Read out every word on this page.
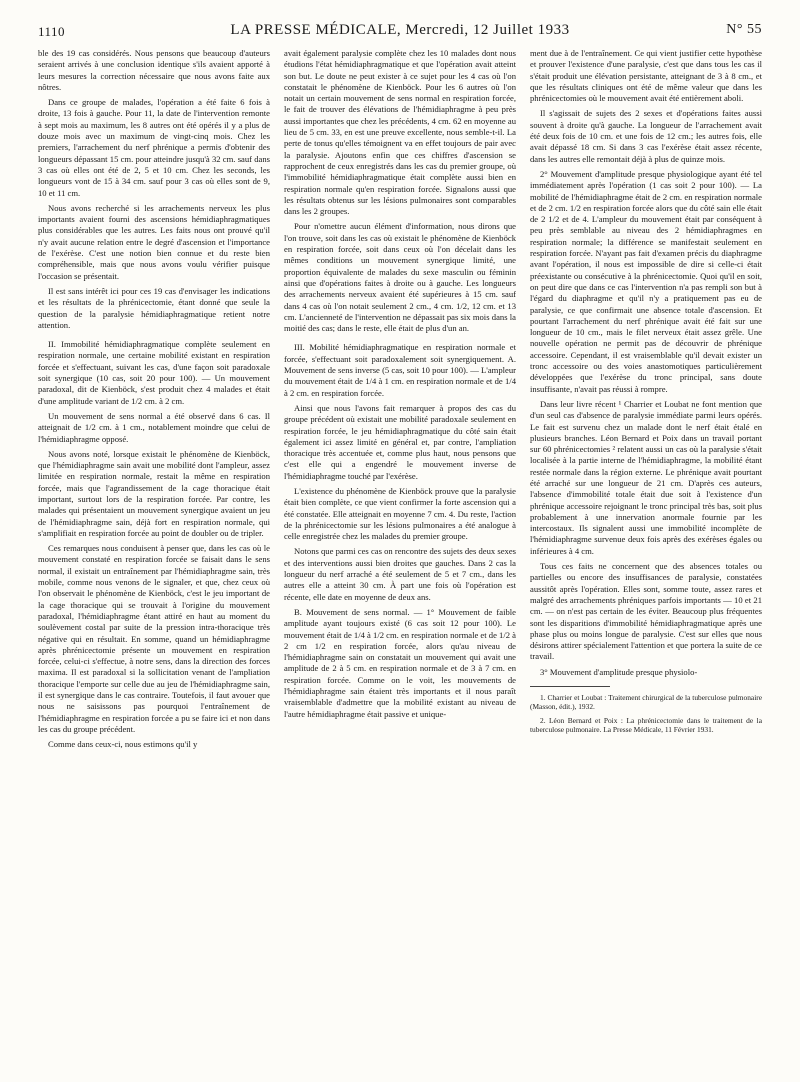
1110	LA PRESSE MÉDICALE, Mercredi, 12 Juillet 1933	N° 55

ble des 19 cas considérés. Nous pensons que beaucoup d'auteurs seraient arrivés à une conclusion identique s'ils avaient apporté à leurs mesures la correction nécessaire que nous avons faite aux nôtres.

Dans ce groupe de malades, l'opération a été faite 6 fois à droite, 13 fois à gauche. Pour 11, la date de l'intervention remonte à sept mois au maximum, les 8 autres ont été opérés il y a plus de douze mois avec un maximum de vingt-cinq mois. Chez les premiers, l'arrachement du nerf phrénique a permis d'obtenir des longueurs dépassant 15 cm. pour atteindre jusqu'à 32 cm. sauf dans 3 cas où elles ont été de 2, 5 et 10 cm. Chez les seconds, les longueurs vont de 15 à 34 cm. sauf pour 3 cas où elles sont de 9, 10 et 11 cm.

Nous avons recherché si les arrachements nerveux les plus importants avaient fourni des ascensions hémidiaphragmatiques plus considérables que les autres. Les faits nous ont prouvé qu'il n'y avait aucune relation entre le degré d'ascension et l'importance de l'exérèse. C'est une notion bien connue et du reste bien compréhensible, mais que nous avons voulu vérifier puisque l'occasion se présentait.

Il est sans intérêt ici pour ces 19 cas d'envisager les indications et les résultats de la phrénicectomie, étant donné que seule la question de la paralysie hémidiaphragmatique retient notre attention.

II. Immobilité hémidiaphragmatique complète seulement en respiration normale, une certaine mobilité existant en respiration forcée et s'effectuant, suivant les cas, d'une façon soit paradoxale soit synergique (10 cas, soit 20 pour 100). — Un mouvement paradoxal, dit de Kienböck, s'est produit chez 4 malades et était d'une amplitude variant de 1/2 cm. à 2 cm.

Un mouvement de sens normal a été observé dans 6 cas. Il atteignait de 1/2 cm. à 1 cm., notablement moindre que celui de l'hémidiaphragme opposé.

Nous avons noté, lorsque existait le phénomène de Kienböck, que l'hémidiaphragme sain avait une mobilité dont l'ampleur, assez limitée en respiration normale, restait la même en respiration forcée, mais que l'agrandissement de la cage thoracique était important, surtout lors de la respiration forcée. Par contre, les malades qui présentaient un mouvement synergique avaient un jeu de l'hémidiaphragme sain, déjà fort en respiration normale, qui s'amplifiait en respiration forcée au point de doubler ou de tripler.

Ces remarques nous conduisent à penser que, dans les cas où le mouvement constaté en respiration forcée se faisait dans le sens normal, il existait un entraînement par l'hémidiaphragme sain, très mobile, comme nous venons de le signaler, et que, chez ceux où l'on observait le phénomène de Kienböck, c'est le jeu important de la cage thoracique qui se trouvait à l'origine du mouvement paradoxal, l'hémidiaphragme étant attiré en haut au moment du soulèvement costal par suite de la pression intra-thoracique très négative qui en résultait. En somme, quand un hémidiaphragme après phrénicectomie présente un mouvement en respiration forcée, celui-ci s'effectue, à notre sens, dans la direction des forces maxima. Il est paradoxal si la sollicitation venant de l'ampliation thoracique l'emporte sur celle due au jeu de l'hémidiaphragme sain, il est synergique dans le cas contraire. Toutefois, il faut avouer que nous ne saisissons pas pourquoi l'entraînement de l'hémidiaphragme en respiration forcée a pu se faire ici et non dans les cas du groupe précédent.

Comme dans ceux-ci, nous estimons qu'il y

avait également paralysie complète chez les 10 malades dont nous étudions l'état hémidiaphragmatique et que l'opération avait atteint son but. Le doute ne peut exister à ce sujet pour les 4 cas où l'on constatait le phénomène de Kienböck. Pour les 6 autres où l'on notait un certain mouvement de sens normal en respiration forcée, le fait de trouver des élévations de l'hémidiaphragme à peu près aussi importantes que chez les précédents, 4 cm. 62 en moyenne au lieu de 5 cm. 33, en est une preuve excellente, nous semble-t-il. La perte de tonus qu'elles témoignent va en effet toujours de pair avec la paralysie. Ajoutons enfin que ces chiffres d'ascension se rapprochent de ceux enregistrés dans les cas du premier groupe, où l'immobilité hémidiaphragmatique était complète aussi bien en respiration normale qu'en respiration forcée. Signalons aussi que les résultats obtenus sur les lésions pulmonaires sont comparables dans les 2 groupes.

Pour n'omettre aucun élément d'information, nous dirons que l'on trouve, soit dans les cas où existait le phénomène de Kienböck en respiration forcée, soit dans ceux où l'on décelait dans les mêmes conditions un mouvement synergique limité, une proportion équivalente de malades du sexe masculin ou féminin ainsi que d'opérations faites à droite ou à gauche. Les longueurs des arrachements nerveux avaient été supérieures à 15 cm. sauf dans 4 cas où l'on notait seulement 2 cm., 4 cm. 1/2, 12 cm. et 13 cm. L'ancienneté de l'intervention ne dépassait pas six mois dans la moitié des cas; dans le reste, elle était de plus d'un an.

III. Mobilité hémidiaphragmatique en respiration normale et forcée, s'effectuant soit paradoxalement soit synergiquement. A. Mouvement de sens inverse (5 cas, soit 10 pour 100). — L'ampleur du mouvement était de 1/4 à 1 cm. en respiration normale et de 1/4 à 2 cm. en respiration forcée.

Ainsi que nous l'avons fait remarquer à propos des cas du groupe précédent où existait une mobilité paradoxale seulement en respiration forcée, le jeu hémidiaphragmatique du côté sain était également ici assez limité en général et, par contre, l'ampliation thoracique très accentuée et, comme plus haut, nous pensons que c'est elle qui a engendré le mouvement inverse de l'hémidiaphragme touché par l'exérèse.

L'existence du phénomène de Kienböck prouve que la paralysie était bien complète, ce que vient confirmer la forte ascension qui a été constatée. Elle atteignait en moyenne 7 cm. 4. Du reste, l'action de la phrénicectomie sur les lésions pulmonaires a été analogue à celle enregistrée chez les malades du premier groupe.

Notons que parmi ces cas on rencontre des sujets des deux sexes et des interventions aussi bien droites que gauches. Dans 2 cas la longueur du nerf arraché a été seulement de 5 et 7 cm., dans les autres elle a atteint 30 cm. À part une fois où l'opération est récente, elle date en moyenne de deux ans.

B. Mouvement de sens normal. — 1° Mouvement de faible amplitude ayant toujours existé (6 cas soit 12 pour 100). Le mouvement était de 1/4 à 1/2 cm. en respiration normale et de 1/2 à 2 cm 1/2 en respiration forcée, alors qu'au niveau de l'hémidiaphragme sain on constatait un mouvement qui avait une amplitude de 2 à 5 cm. en respiration normale et de 3 à 7 cm. en respiration forcée. Comme on le voit, les mouvements de l'hémidiaphragme sain étaient très importants et il nous paraît vraisemblable d'admettre que la mobilité existant au niveau de l'autre hémidiaphragme était passive et unique-

ment due à de l'entraînement. Ce qui vient justifier cette hypothèse et prouver l'existence d'une paralysie, c'est que dans tous les cas il s'était produit une élévation persistante, atteignant de 3 à 8 cm., et que les résultats cliniques ont été de même valeur que dans les phrénicectomies où le mouvement avait été entièrement aboli.

Il s'agissait de sujets des 2 sexes et d'opérations faites aussi souvent à droite qu'à gauche. La longueur de l'arrachement avait été deux fois de 10 cm. et une fois de 12 cm.; les autres fois, elle avait dépassé 18 cm. Si dans 3 cas l'exérèse était assez récente, dans les autres elle remontait déjà à plus de quinze mois.

2° Mouvement d'amplitude presque physiologique ayant été tel immédiatement après l'opération (1 cas soit 2 pour 100). — La mobilité de l'hémidiaphragme était de 2 cm. en respiration normale et de 2 cm. 1/2 en respiration forcée alors que du côté sain elle était de 2 1/2 et de 4. L'ampleur du mouvement était par conséquent à peu près semblable au niveau des 2 hémidiaphragmes en respiration normale; la différence se manifestait seulement en respiration forcée. N'ayant pas fait d'examen précis du diaphragme avant l'opération, il nous est impossible de dire si celle-ci était préexistante ou consécutive à la phrénicectomie. Quoi qu'il en soit, on peut dire que dans ce cas l'intervention n'a pas rempli son but à l'égard du diaphragme et qu'il n'y a pratiquement pas eu de paralysie, ce que confirmait une absence totale d'ascension. Et pourtant l'arrachement du nerf phrénique avait été fait sur une longueur de 10 cm., mais le filet nerveux était assez grêle. Une nouvelle opération ne permit pas de découvrir de phrénique accessoire. Cependant, il est vraisemblable qu'il devait exister un tronc accessoire ou des voies anastomotiques particulièrement développées que l'exérèse du tronc principal, sans doute insuffisante, n'avait pas réussi à rompre.

Dans leur livre récent ¹ Charrier et Loubat ne font mention que d'un seul cas d'absence de paralysie immédiate parmi leurs opérés. Le fait est survenu chez un malade dont le nerf était étalé en plusieurs branches. Léon Bernard et Poix dans un travail portant sur 60 phrénicectomies ² relatent aussi un cas où la paralysie s'était localisée à la partie interne de l'hémidiaphragme, la mobilité étant restée normale dans la région externe. Le phrénique avait pourtant été arraché sur une longueur de 21 cm. D'après ces auteurs, l'absence d'immobilité totale était due soit à l'existence d'un phrénique accessoire rejoignant le tronc principal très bas, soit plus probablement à une innervation anormale fournie par les intercostaux. Ils signalent aussi une immobilité incomplète de l'hémidiaphragme survenue deux fois après des exérèses égales ou inférieures à 4 cm.

Tous ces faits ne concernent que des absences totales ou partielles ou encore des insuffisances de paralysie, constatées aussitôt après l'opération. Elles sont, somme toute, assez rares et malgré des arrachements phréniques parfois importants — 10 et 21 cm. — on n'est pas certain de les éviter. Beaucoup plus fréquentes sont les disparitions d'immobilité hémidiaphragmatique après une phase plus ou moins longue de paralysie. C'est sur elles que nous désirons attirer spécialement l'attention et que portera la suite de ce travail.

3° Mouvement d'amplitude presque physiolo-

1. Charrier et Loubat : Traitement chirurgical de la tuberculose pulmonaire (Masson, édit.), 1932.

2. Léon Bernard et Poix : La phrénicectomie dans le traitement de la tuberculose pulmonaire. La Presse Médicale, 11 Février 1931.
